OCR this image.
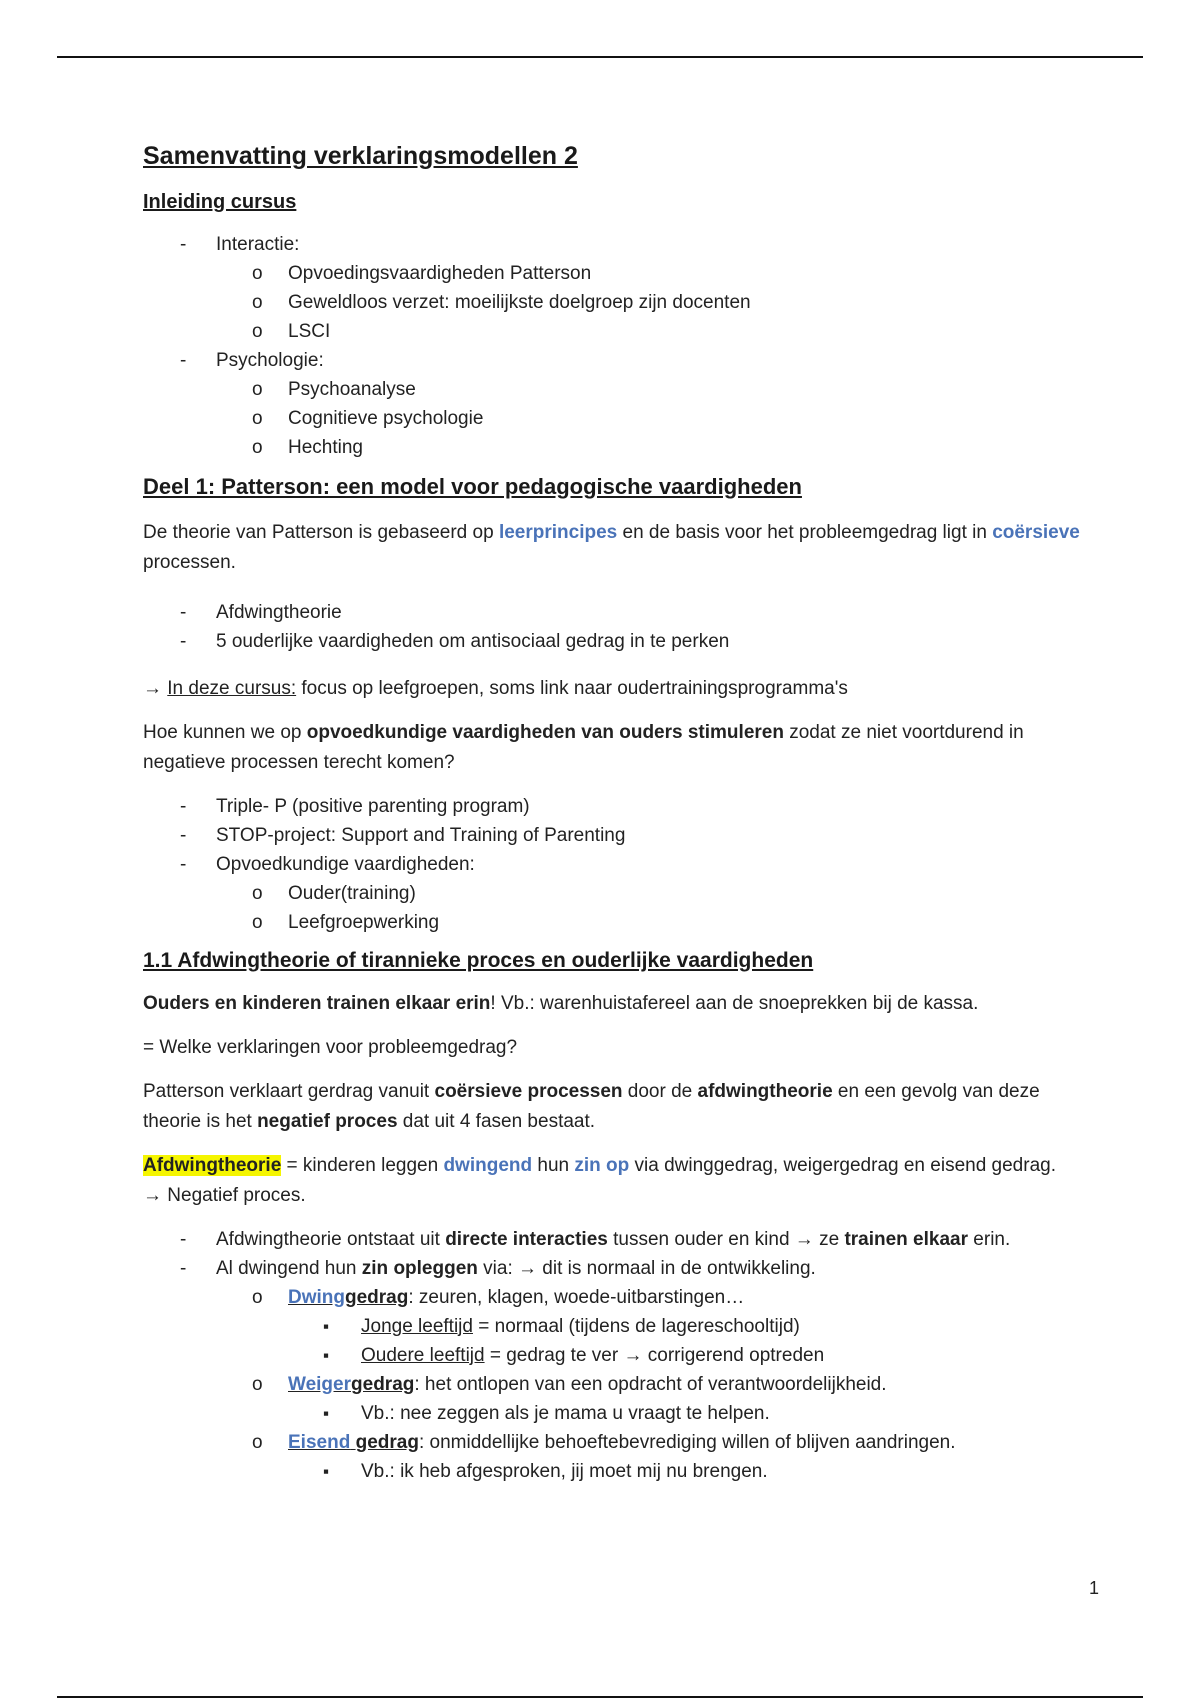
Samenvatting verklaringsmodellen 2
Inleiding cursus
- Interactie:
o Opvoedingsvaardigheden Patterson
o Geweldloos verzet: moeilijkste doelgroep zijn docenten
o LSCI
- Psychologie:
o Psychoanalyse
o Cognitieve psychologie
o Hechting
Deel 1: Patterson: een model voor pedagogische vaardigheden

De theorie van Patterson is gebaseerd op leerprincipes en de basis voor het probleemgedrag ligt in coërsieve processen.

- Afdwingtheorie
- 5 ouderlijke vaardigheden om antisociaal gedrag in te perken

→ In deze cursus: focus op leefgroepen, soms link naar oudertrainingsprogramma's

Hoe kunnen we op opvoedkundige vaardigheden van ouders stimuleren zodat ze niet voortdurend in negatieve processen terecht komen?

- Triple- P (positive parenting program)
- STOP-project: Support and Training of Parenting
- Opvoedkundige vaardigheden:
o Ouder(training)
o Leefgroepwerking
1.1 Afdwingtheorie of tirannieke proces en ouderlijke vaardigheden

Ouders en kinderen trainen elkaar erin! Vb.: warenhuistafereel aan de snoeprekken bij de kassa.

= Welke verklaringen voor probleemgedrag?

Patterson verklaart gerdrag vanuit coërsieve processen door de afdwingtheorie en een gevolg van deze theorie is het negatief proces dat uit 4 fasen bestaat.

Afdwingtheorie = kinderen leggen dwingend hun zin op via dwinggedrag, weigergedrag en eisend gedrag.
→ Negatief proces.

- Afdwingtheorie ontstaat uit directe interacties tussen ouder en kind → ze trainen elkaar erin.
- Al dwingend hun zin opleggen via: → dit is normaal in de ontwikkeling.
o Dwinggedrag: zeuren, klagen, woede-uitbarstingen…
▪ Jonge leeftijd = normaal (tijdens de lagereschooltijd)
▪ Oudere leeftijd = gedrag te ver → corrigerend optreden
o Weigergedrag: het ontlopen van een opdracht of verantwoordelijkheid.
▪ Vb.: nee zeggen als je mama u vraagt te helpen.
o Eisend gedrag: onmiddellijke behoeftebevrediging willen of blijven aandringen.
▪ Vb.: ik heb afgesproken, jij moet mij nu brengen.
1
